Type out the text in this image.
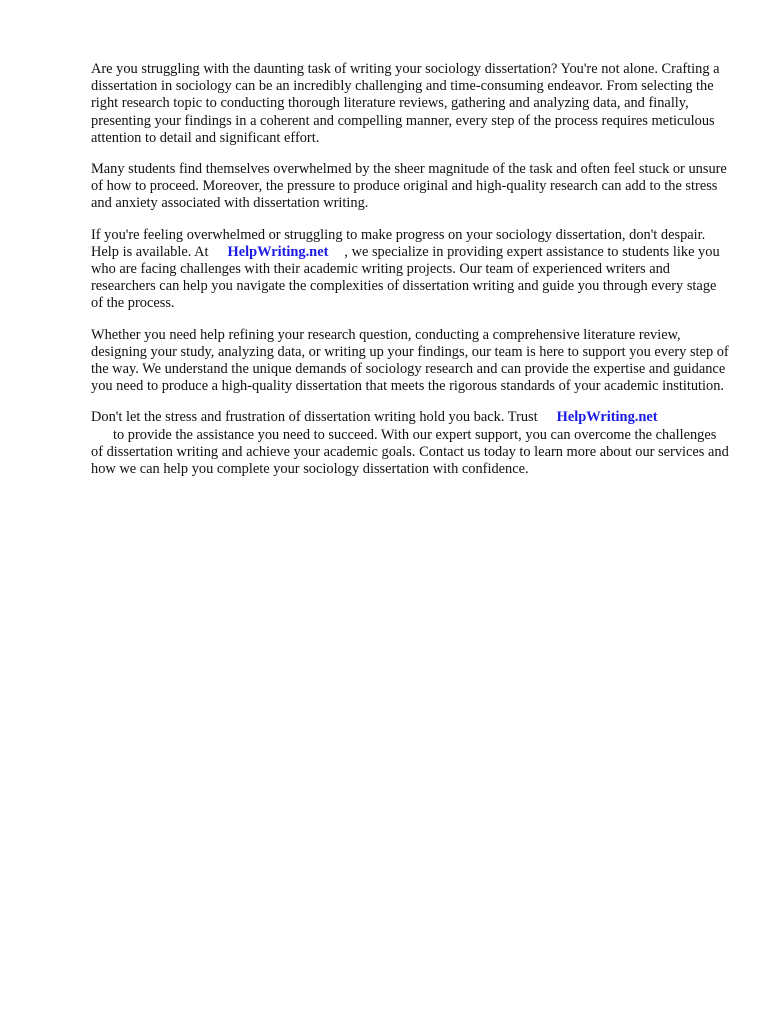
Are you struggling with the daunting task of writing your sociology dissertation? You're not alone. Crafting a dissertation in sociology can be an incredibly challenging and time-consuming endeavor. From selecting the right research topic to conducting thorough literature reviews, gathering and analyzing data, and finally, presenting your findings in a coherent and compelling manner, every step of the process requires meticulous attention to detail and significant effort.

Many students find themselves overwhelmed by the sheer magnitude of the task and often feel stuck or unsure of how to proceed. Moreover, the pressure to produce original and high-quality research can add to the stress and anxiety associated with dissertation writing.

If you're feeling overwhelmed or struggling to make progress on your sociology dissertation, don't despair. Help is available. At HelpWriting.net , we specialize in providing expert assistance to students like you who are facing challenges with their academic writing projects. Our team of experienced writers and researchers can help you navigate the complexities of dissertation writing and guide you through every stage of the process.

Whether you need help refining your research question, conducting a comprehensive literature review, designing your study, analyzing data, or writing up your findings, our team is here to support you every step of the way. We understand the unique demands of sociology research and can provide the expertise and guidance you need to produce a high-quality dissertation that meets the rigorous standards of your academic institution.

Don't let the stress and frustration of dissertation writing hold you back. Trust HelpWriting.net
to provide the assistance you need to succeed. With our expert support, you can overcome the challenges of dissertation writing and achieve your academic goals. Contact us today to learn more about our services and how we can help you complete your sociology dissertation with confidence.
